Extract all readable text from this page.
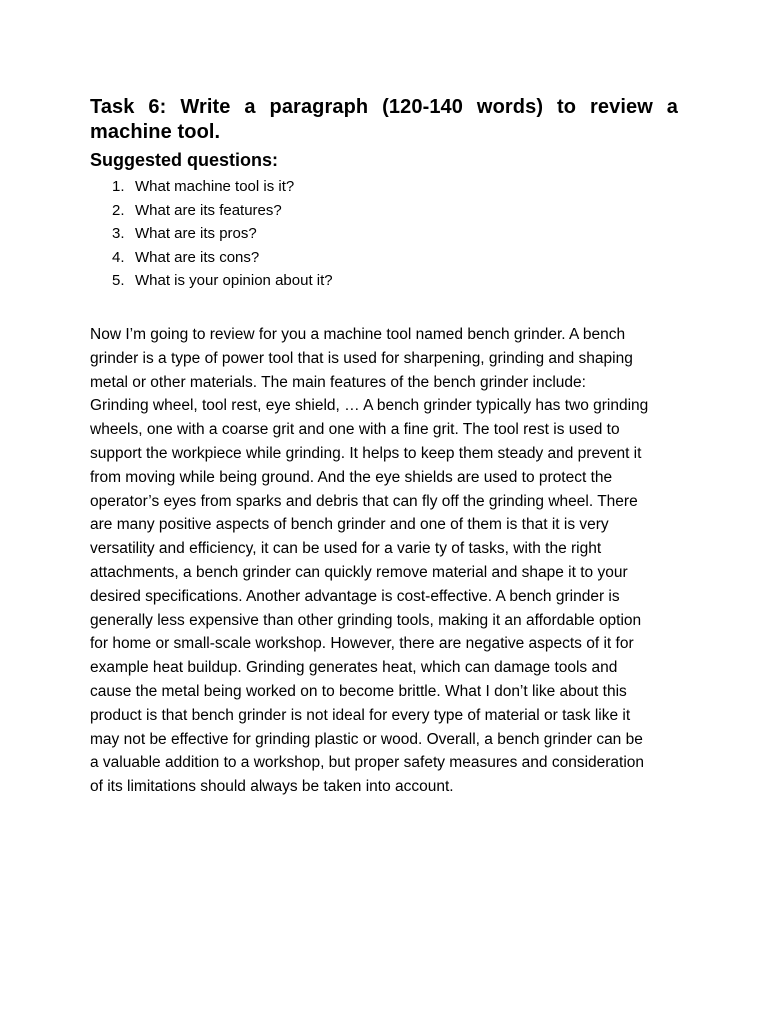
Task 6: Write a paragraph (120-140 words) to review a machine tool.
Suggested questions:
1. What machine tool is it?
2. What are its features?
3. What are its pros?
4. What are its cons?
5. What is your opinion about it?
Now I’m going to review for you a machine tool named bench grinder. A bench
grinder is a type of power tool that is used for sharpening, grinding and shaping
metal or other materials. The main features of the bench grinder include:
Grinding wheel, tool rest, eye shield, … A bench grinder typically has two grinding
wheels, one with a coarse grit and one with a fine grit. The tool rest is used to
support the workpiece while grinding. It helps to keep them steady and prevent it
from moving while being ground. And the eye shields are used to protect the
operator’s eyes from sparks and debris that can fly off the grinding wheel. There
are many positive aspects of bench grinder and one of them is that it is very
versatility and efficiency, it can be used for a varie ty of tasks, with the right
attachments, a bench grinder can quickly remove material and shape it to your
desired specifications. Another advantage is cost-effective. A bench grinder is
generally less expensive than other grinding tools, making it an affordable option
for home or small-scale workshop. However, there are negative aspects of it for
example heat buildup. Grinding generates heat, which can damage tools and
cause the metal being worked on to become brittle. What I don’t like about this
product is that bench grinder is not ideal for every type of material or task like it
may not be effective for grinding plastic or wood. Overall, a bench grinder can be
a valuable addition to a workshop, but proper safety measures and consideration
of its limitations should always be taken into account.
